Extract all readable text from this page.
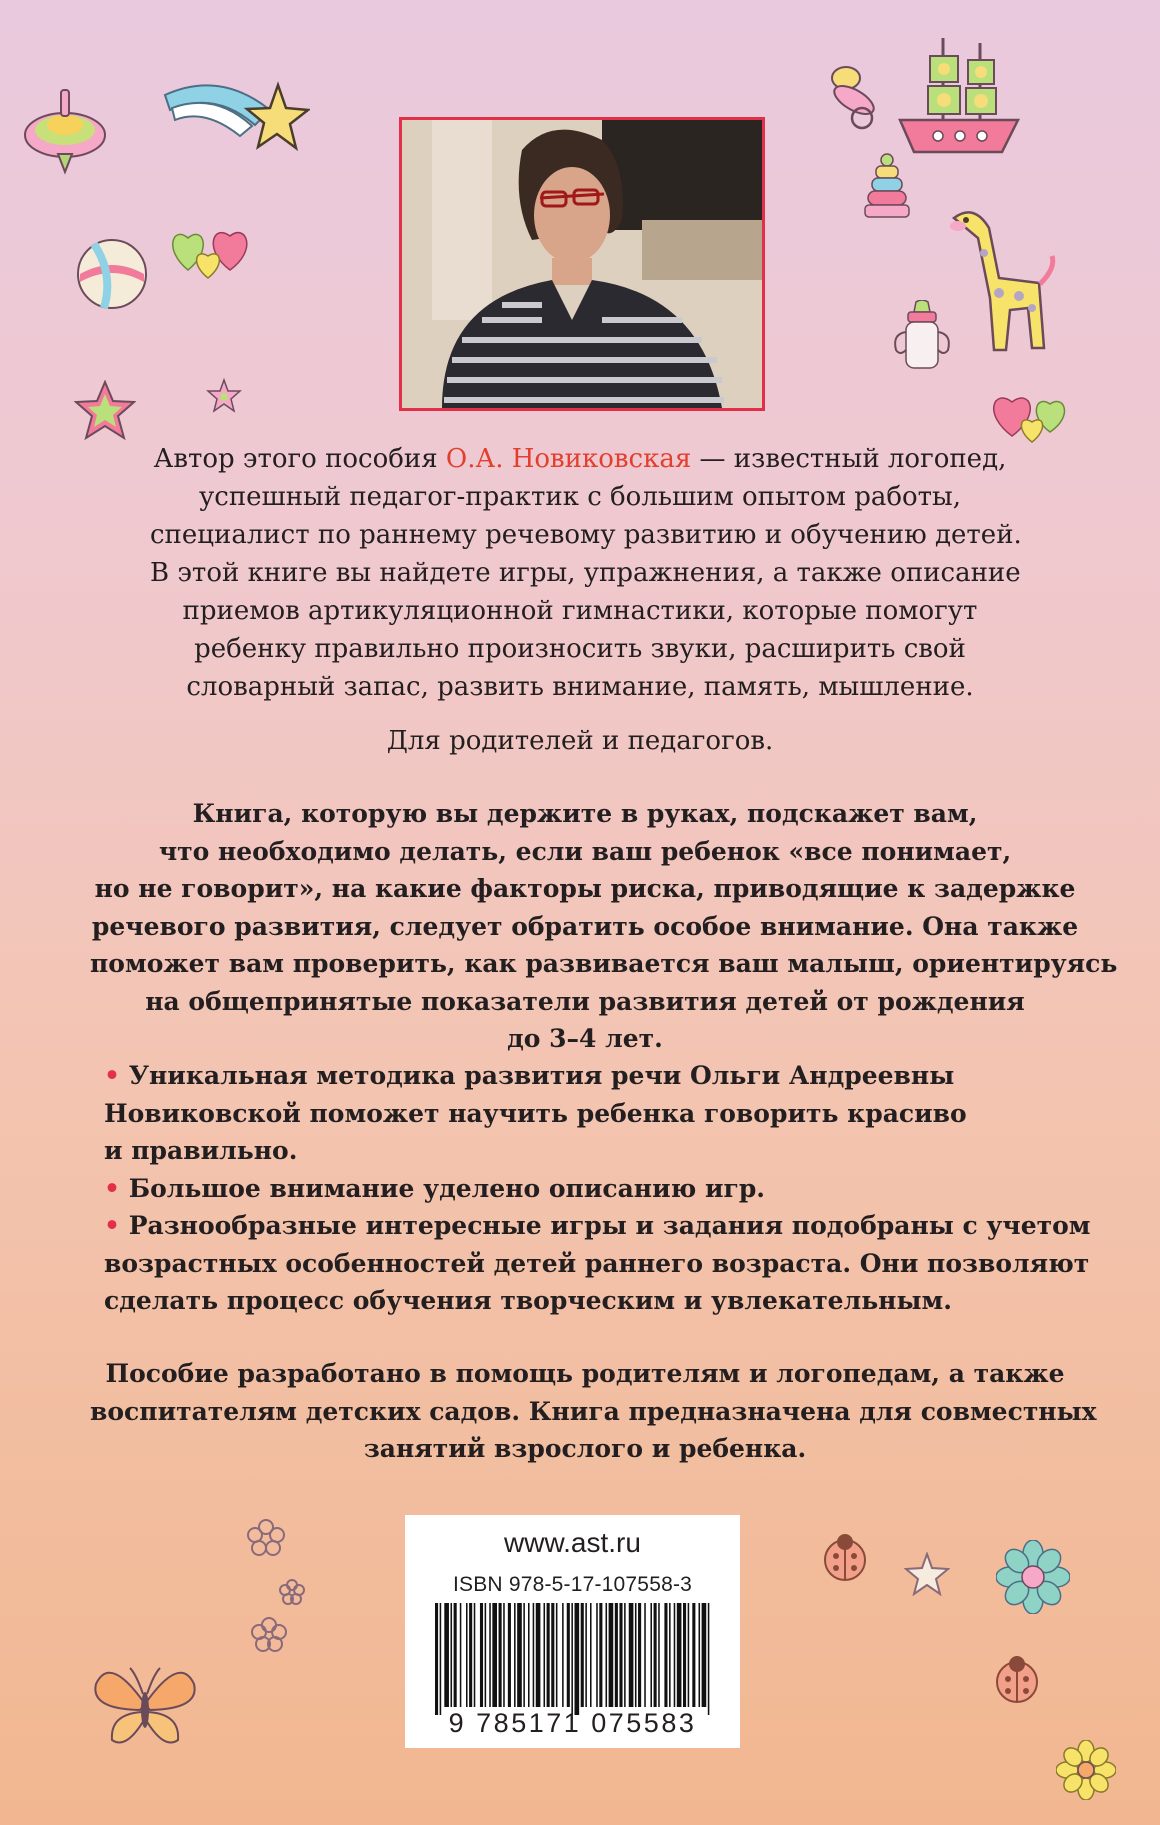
Автор этого пособия О.А. Новиковская — известный логопед,
успешный педагог-практик с большим опытом работы,
специалист по раннему речевому развитию и обучению детей.
В этой книге вы найдете игры, упражнения, а также описание
приемов артикуляционной гимнастики, которые помогут
ребенку правильно произносить звуки, расширить свой
словарный запас, развить внимание, память, мышление.
Для родителей и педагогов.
Книга, которую вы держите в руках, подскажет вам,
что необходимо делать, если ваш ребенок «все понимает,
но не говорит», на какие факторы риска, приводящие к задержке
речевого развития, следует обратить особое внимание. Она также
поможет вам проверить, как развивается ваш малыш, ориентируясь
на общепринятые показатели развития детей от рождения
до 3–4 лет.
• Уникальная методика развития речи Ольги Андреевны
Новиковской поможет научить ребенка говорить красиво
и правильно.
• Большое внимание уделено описанию игр.
• Разнообразные интересные игры и задания подобраны с учетом
возрастных особенностей детей раннего возраста. Они позволяют
сделать процесс обучения творческим и увлекательным.
Пособие разработано в помощь родителям и логопедам, а также
воспитателям детских садов. Книга предназначена для совместных
занятий взрослого и ребенка.
www.ast.ru
ISBN 978-5-17-107558-3
9 785171 075583
